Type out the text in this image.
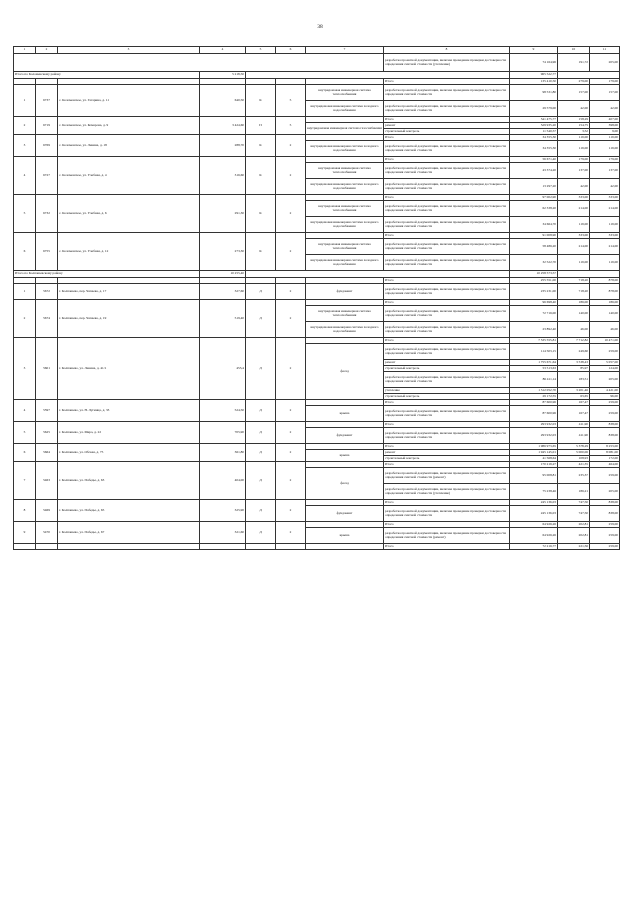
38
1	2	3	4	5	6	7	8	9	10	11
							разработка проектной документации, включая проведение проверки достоверности определения сметной стоимости (утепление)	74 164,96	191,72	205,00
Итого по Коломенскому району			5 218,50					965 522,77		
							Итого	135 410,50	279,00	179,00
1	6737	с. Коломенское, ул. Гагарина, д. 11	640,50	К	5	внутридомовая инженерная система теплоснабжения	разработка проектной документации, включая проведение проверки достоверности определения сметной стоимости	98 531,80	157,00	157,00
						внутридомовая инженерная система холодного водоснабжения	разработка проектной документации, включая проведение проверки достоверности определения сметной стоимости	29 579,00	42,00	42,00
2	6719	с. Коломенское, ул. Комарова, д. 9	3 424,60	П	5		Итого	541 475,77	158,29	407,00
						внутридомовая инженерная система газоснабжения	ремонт	529 935,20	154,75	398,00
							строительный контроль	11 540,57	3,52	9,00
3	6769	с. Коломенское, ул. Ленина, д. 18	288,70	К	2		Итого	34 355,30	119,00	119,00
						внутридомовая инженерная система холодного водоснабжения	разработка проектной документации, включая проведение проверки достоверности определения сметной стоимости	34 355,30	119,00	119,00
4	6727	с. Коломенское, ул. Учебная, д. 4	316,60	К	2		Итого	56 671,40	179,00	179,00
						внутридомовая инженерная система теплоснабжения	разработка проектной документации, включая проведение проверки достоверности определения сметной стоимости	43 374,20	137,00	137,00
						внутридомовая инженерная система холодного водоснабжения	разработка проектной документации, включая проведение проверки достоверности определения сметной стоимости	13 297,20	42,00	42,00
5	6732	с. Коломенское, ул. Учебная, д. 6	291,30	К	2		Итого	97 002,90	333,00	333,00
						внутридомовая инженерная система теплоснабжения	разработка проектной документации, включая проведение проверки достоверности определения сметной стоимости	62 338,20	214,00	214,00
						внутридомовая инженерная система холодного водоснабжения	разработка проектной документации, включая проведение проверки достоверности определения сметной стоимости	34 664,70	119,00	119,00
6	6755	с. Коломенское, ул. Учебная, д. 12	273,30	К	2		Итого	91 008,90	333,00	333,00
						внутридомовая инженерная система теплоснабжения	разработка проектной документации, включая проведение проверки достоверности определения сметной стоимости	58 486,20	214,00	214,00
						внутридомовая инженерная система холодного водоснабжения	разработка проектной документации, включая проведение проверки достоверности определения сметной стоимости	32 522,70	119,00	119,00
Итого по Колпашевскому району			10 255,40					10 258 573,57		
							Итого	255 551,00	718,20	878,00
1	5672	г. Колпашево, пер. Чапаева, д. 17	327,60	Д	2	фундамент	разработка проектной документации, включая проведение проверки достоверности определения сметной стоимости	235 231,00	718,20	878,00
2	5674	г. Колпашево, пер. Чапаева, д. 19	519,40	Д	2		Итого	96 698,40	186,00	186,00
						внутридомовая инженерная система теплоснабжения	разработка проектной документации, включая проведение проверки достоверности определения сметной стоимости	72 716,00	140,00	140,00
						внутридомовая инженерная система холодного водоснабжения	разработка проектной документации, включая проведение проверки достоверности определения сметной стоимости	23 892,40	46,00	46,00
3	5601	г. Колпашево, ул. Ленина, д. 41/1	453,4	Д	2		Итого	7 535 555,81	7 712,82	10 471,00
						фасад	разработка проектной документации, включая проведение проверки достоверности определения сметной стоимости	114 503,15	249,60	259,00
							ремонт	1 755 671,64	3 538,43	5 057,00
							строительный контроль	53 513,63	85,97	124,00
							разработка проектной документации, включая проведение проверки достоверности определения сметной стоимости	86 411,14	183,51	205,00
							утепление	1 312 052,70	3 201,46	4 421,00
							строительный контроль	29 172,55	63,65	96,00
4	5597	г. Колпашево, ул. Н. Лугинца, д. 33	524,50	Д	2		Итого	87 600,96	167,47	259,00
						крыша	разработка проектной документации, включая проведение проверки достоверности определения сметной стоимости	87 600,96	167,47	259,00
5	5625	г. Колпашево, ул. Мира, д. 22	705,90	Д	2		Итого	293 932,03	411,90	838,00
						фундамент	разработка проектной документации, включая проведение проверки достоверности определения сметной стоимости	293 932,03	411,90	838,00
6	5664	г. Колпашево, ул. Обская, д. 75	361,80	Д	2		Итого	1 986 973,65	5 378,29	8 253,00
						крыша	ремонт	1 945 145,01	5 000,06	8 081,00
							строительный контроль	41 568,64	108,93	172,00
7	5463	г. Колпашево, ул. Победы, д. 63	404,00	Д	2		Итого	170 219,27	421,35	464,00
						фасад	разработка проектной документации, включая проведение проверки достоверности определения сметной стоимости (ремонт)	95 008,81	235,37	259,00
							разработка проектной документации, включая проведение проверки достоверности определения сметной стоимости (утепление)	75 238,46	186,21	205,00
8	5469	г. Колпашево, ул. Победы, д. 65	325,90	Д	2		Итого	245 136,03	747,50	838,00
						фундамент	разработка проектной документации, включая проведение проверки достоверности определения сметной стоимости	245 136,03	747,50	838,00
9	5470	г. Колпашево, ул. Победы, д. 67	321,60	Д	2		Итого	64 926,26	202,81	259,00
						крыша	разработка проектной документации, включая проведение проверки достоверности определения сметной стоимости (ремонт)	64 926,26	202,81	259,00
							Итого	72 216,77	221,56	259,00
